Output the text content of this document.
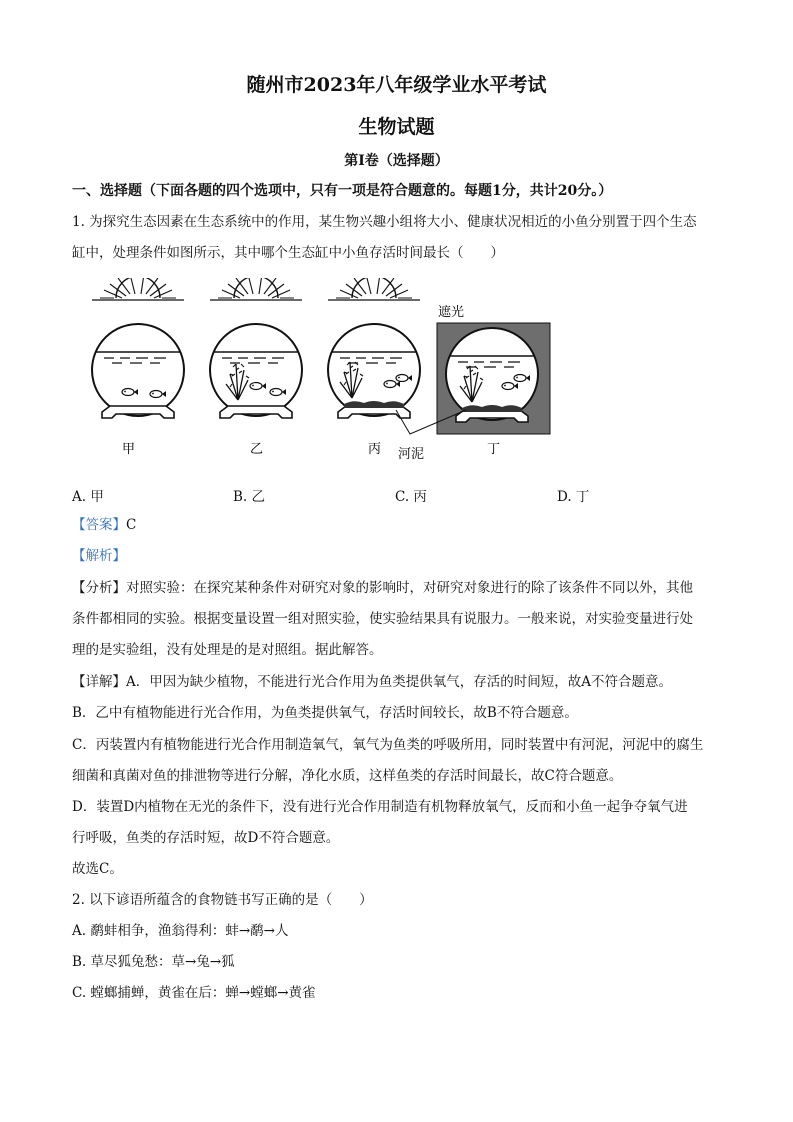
随州市2023年八年级学业水平考试
生物试题
第I卷（选择题）
一、选择题（下面各题的四个选项中，只有一项是符合题意的。每题1分，共计20分。）
1. 为探究生态因素在生态系统中的作用，某生物兴趣小组将大小、健康状况相近的小鱼分别置于四个生态
缸中，处理条件如图所示，其中哪个生态缸中小鱼存活时间最长（　　）
遮光
甲	乙	丙 河泥	丁
A. 甲	B. 乙	C. 丙	D. 丁
【答案】C
【解析】
【分析】对照实验：在探究某种条件对研究对象的影响时，对研究对象进行的除了该条件不同以外，其他
条件都相同的实验。根据变量设置一组对照实验，使实验结果具有说服力。一般来说，对实验变量进行处
理的是实验组，没有处理是的是对照组。据此解答。
【详解】A．甲因为缺少植物，不能进行光合作用为鱼类提供氧气，存活的时间短，故A不符合题意。
B．乙中有植物能进行光合作用，为鱼类提供氧气，存活时间较长，故B不符合题意。
C．丙装置内有植物能进行光合作用制造氧气，氧气为鱼类的呼吸所用，同时装置中有河泥，河泥中的腐生
细菌和真菌对鱼的排泄物等进行分解，净化水质，这样鱼类的存活时间最长，故C符合题意。
D．装置D内植物在无光的条件下，没有进行光合作用制造有机物释放氧气，反而和小鱼一起争夺氧气进
行呼吸，鱼类的存活时短，故D不符合题意。
故选C。
2. 以下谚语所蕴含的食物链书写正确的是（　　）
A. 鹬蚌相争，渔翁得利：蚌→鹬→人
B. 草尽狐兔愁：草→兔→狐
C. 螳螂捕蝉，黄雀在后：蝉→螳螂→黄雀
